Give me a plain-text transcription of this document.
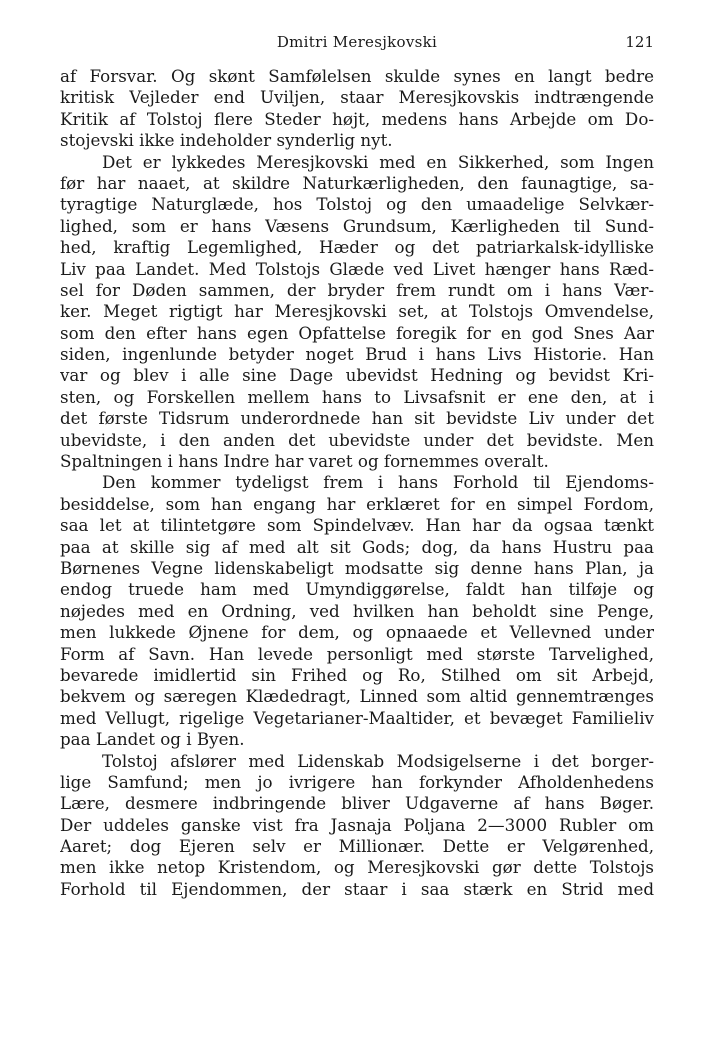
Dmitri Meresjkovski	121
af Forsvar. Og skønt Samfølelsen skulde synes en langt bedre
kritisk Vejleder end Uviljen, staar Meresjkovskis indtrængende
Kritik af Tolstoj flere Steder højt, medens hans Arbejde om Do-
stojevski ikke indeholder synderlig nyt.
Det er lykkedes Meresjkovski med en Sikkerhed, som Ingen
før har naaet, at skildre Naturkærligheden, den faunagtige, sa-
tyragtige Naturglæde, hos Tolstoj og den umaadelige Selvkær-
lighed, som er hans Væsens Grundsum, Kærligheden til Sund-
hed, kraftig Legemlighed, Hæder og det patriarkalsk-idylliske
Liv paa Landet. Med Tolstojs Glæde ved Livet hænger hans Ræd-
sel for Døden sammen, der bryder frem rundt om i hans Vær-
ker. Meget rigtigt har Meresjkovski set, at Tolstojs Omvendelse,
som den efter hans egen Opfattelse foregik for en god Snes Aar
siden, ingenlunde betyder noget Brud i hans Livs Historie. Han
var og blev i alle sine Dage ubevidst Hedning og bevidst Kri-
sten, og Forskellen mellem hans to Livsafsnit er ene den, at i
det første Tidsrum underordnede han sit bevidste Liv under det
ubevidste, i den anden det ubevidste under det bevidste. Men
Spaltningen i hans Indre har varet og fornemmes overalt.
Den kommer tydeligst frem i hans Forhold til Ejendoms-
besiddelse, som han engang har erklæret for en simpel Fordom,
saa let at tilintetgøre som Spindelvæv. Han har da ogsaa tænkt
paa at skille sig af med alt sit Gods; dog, da hans Hustru paa
Børnenes Vegne lidenskabeligt modsatte sig denne hans Plan, ja
endog truede ham med Umyndiggørelse, faldt han tilføje og
nøjedes med en Ordning, ved hvilken han beholdt sine Penge,
men lukkede Øjnene for dem, og opnaaede et Vellevned under
Form af Savn. Han levede personligt med største Tarvelighed,
bevarede imidlertid sin Frihed og Ro, Stilhed om sit Arbejd,
bekvem og særegen Klædedragt, Linned som altid gennemtrænges
med Vellugt, rigelige Vegetarianer-Maaltider, et bevæget Familieliv
paa Landet og i Byen.
Tolstoj afslører med Lidenskab Modsigelserne i det borger-
lige Samfund; men jo ivrigere han forkynder Afholdenhedens
Lære, desmere indbringende bliver Udgaverne af hans Bøger.
Der uddeles ganske vist fra Jasnaja Poljana 2—3000 Rubler om
Aaret; dog Ejeren selv er Millionær. Dette er Velgørenhed,
men ikke netop Kristendom, og Meresjkovski gør dette Tolstojs
Forhold til Ejendommen, der staar i saa stærk en Strid med
